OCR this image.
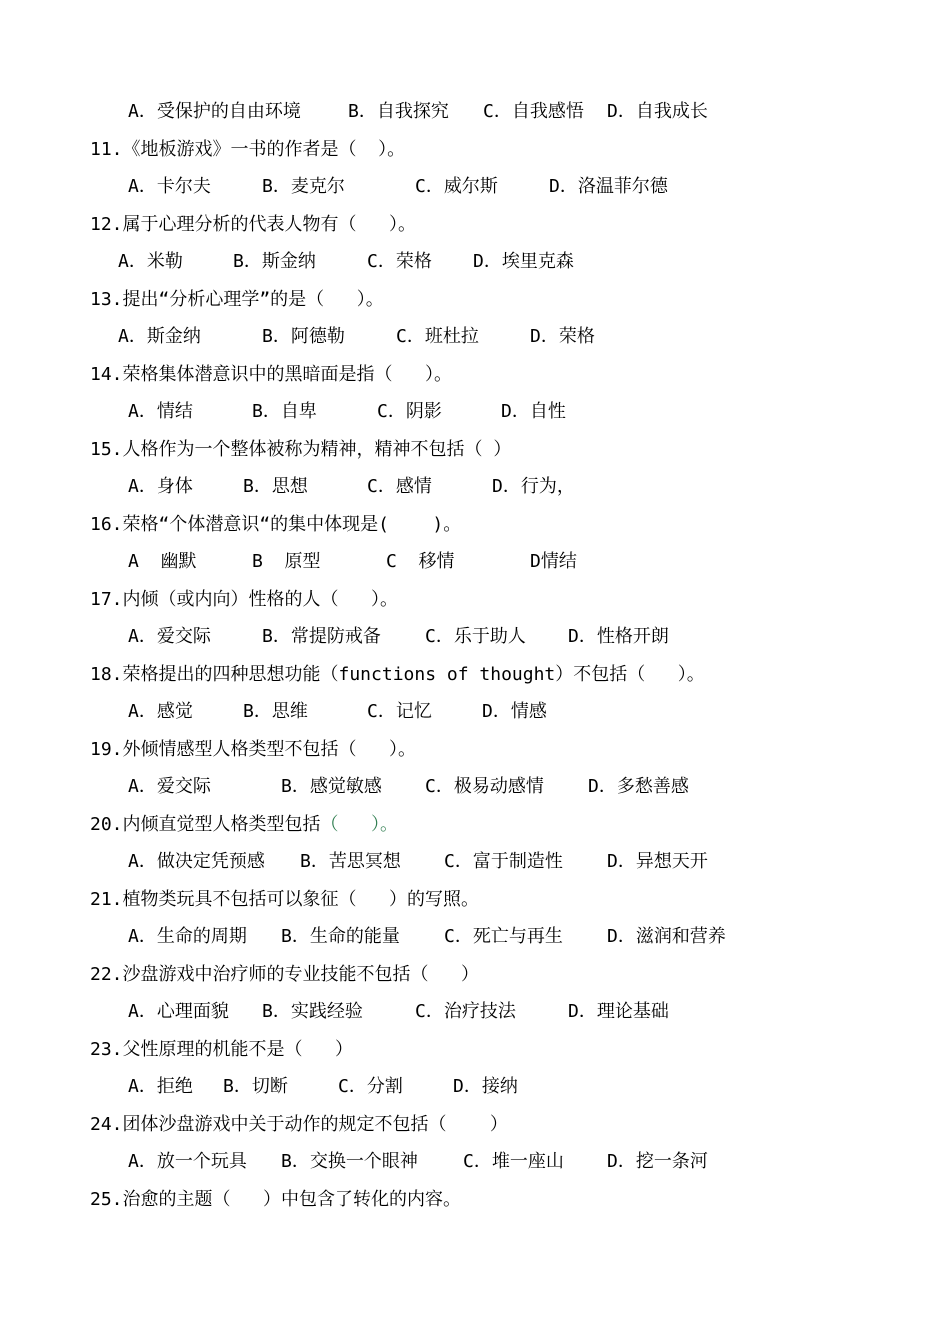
A．受保护的自由环境	B．自我探究 C．自我感悟 D．自我成长
11.《地板游戏》一书的作者是（  ）。
A．卡尔夫	B．麦克尔	C．威尔斯	D．洛温菲尔德
12.属于心理分析的代表人物有（   ）。
A．米勒	B．斯金纳	C．荣格 D．埃里克森
13.提出“分析心理学”的是（   ）。
A．斯金纳	B．阿德勒	C．班杜拉	D．荣格
14.荣格集体潜意识中的黑暗面是指（   ）。
A．情结	B．自卑	C．阴影	D．自性
15.人格作为一个整体被称为精神，精神不包括（ ）
A．身体	B．思想	C．感情	D．行为，
16.荣格“个体潜意识“的集中体现是(    )。
A  幽默	B  原型	C  移情	D情结
17.内倾（或内向）性格的人（   ）。
A．爱交际	B．常提防戒备 C．乐于助人 D．性格开朗
18.荣格提出的四种思想功能（functions of thought）不包括（   ）。
A．感觉	B．思维	C．记忆	D．情感
19.外倾情感型人格类型不包括（   ）。
A．爱交际	B．感觉敏感 C．极易动感情 D．多愁善感
20.内倾直觉型人格类型包括（   ）。
A．做决定凭预感 B．苦思冥想 C．富于制造性 D．异想天开
21.植物类玩具不包括可以象征（   ）的写照。
A．生命的周期 B．生命的能量 C．死亡与再生 D．滋润和营养
22.沙盘游戏中治疗师的专业技能不包括（   ）
A．心理面貌 B．实践经验	C．治疗技法	D．理论基础
23.父性原理的机能不是（   ）
A．拒绝 B．切断	C．分割	D．接纳
24.团体沙盘游戏中关于动作的规定不包括（    ）
A．放一个玩具 B．交换一个眼神	C．堆一座山 D．挖一条河
25.治愈的主题（   ）中包含了转化的内容。
